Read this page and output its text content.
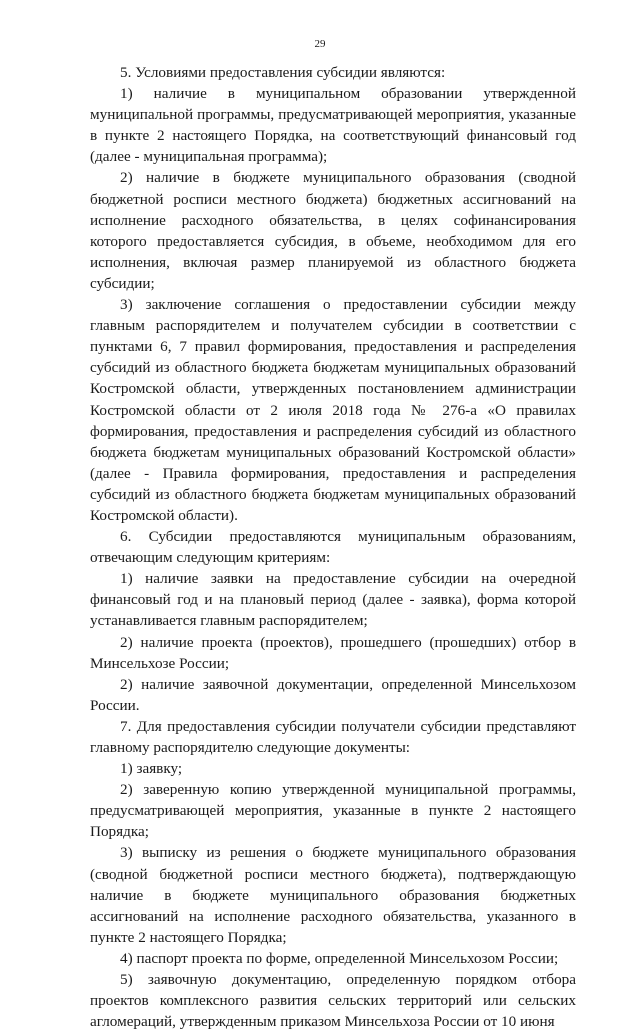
29

5. Условиями предоставления субсидии являются:

1) наличие в муниципальном образовании утвержденной муниципальной программы, предусматривающей мероприятия, указанные в пункте 2 настоящего Порядка, на соответствующий финансовый год (далее - муниципальная программа);

2) наличие в бюджете муниципального образования (сводной бюджетной росписи местного бюджета) бюджетных ассигнований на исполнение расходного обязательства, в целях софинансирования которого предоставляется субсидия, в объеме, необходимом для его исполнения, включая размер планируемой из областного бюджета субсидии;

3) заключение соглашения о предоставлении субсидии между главным распорядителем и получателем субсидии в соответствии с пунктами 6, 7 правил формирования, предоставления и распределения субсидий из областного бюджета бюджетам муниципальных образований Костромской области, утвержденных постановлением администрации Костромской области от 2 июля 2018 года № 276-а «О правилах формирования, предоставления и распределения субсидий из областного бюджета бюджетам муниципальных образований Костромской области» (далее - Правила формирования, предоставления и распределения субсидий из областного бюджета бюджетам муниципальных образований Костромской области).

6. Субсидии предоставляются муниципальным образованиям, отвечающим следующим критериям:

1) наличие заявки на предоставление субсидии на очередной финансовый год и на плановый период (далее - заявка), форма которой устанавливается главным распорядителем;

2) наличие проекта (проектов), прошедшего (прошедших) отбор в Минсельхозе России;

2) наличие заявочной документации, определенной Минсельхозом России.

7. Для предоставления субсидии получатели субсидии представляют главному распорядителю следующие документы:

1) заявку;

2) заверенную копию утвержденной муниципальной программы, предусматривающей мероприятия, указанные в пункте 2 настоящего Порядка;

3) выписку из решения о бюджете муниципального образования (сводной бюджетной росписи местного бюджета), подтверждающую наличие в бюджете муниципального образования бюджетных ассигнований на исполнение расходного обязательства, указанного в пункте 2 настоящего Порядка;

4) паспорт проекта по форме, определенной Минсельхозом России;

5) заявочную документацию, определенную порядком отбора проектов комплексного развития сельских территорий или сельских агломераций, утвержденным приказом Минсельхоза России от 10 июня
